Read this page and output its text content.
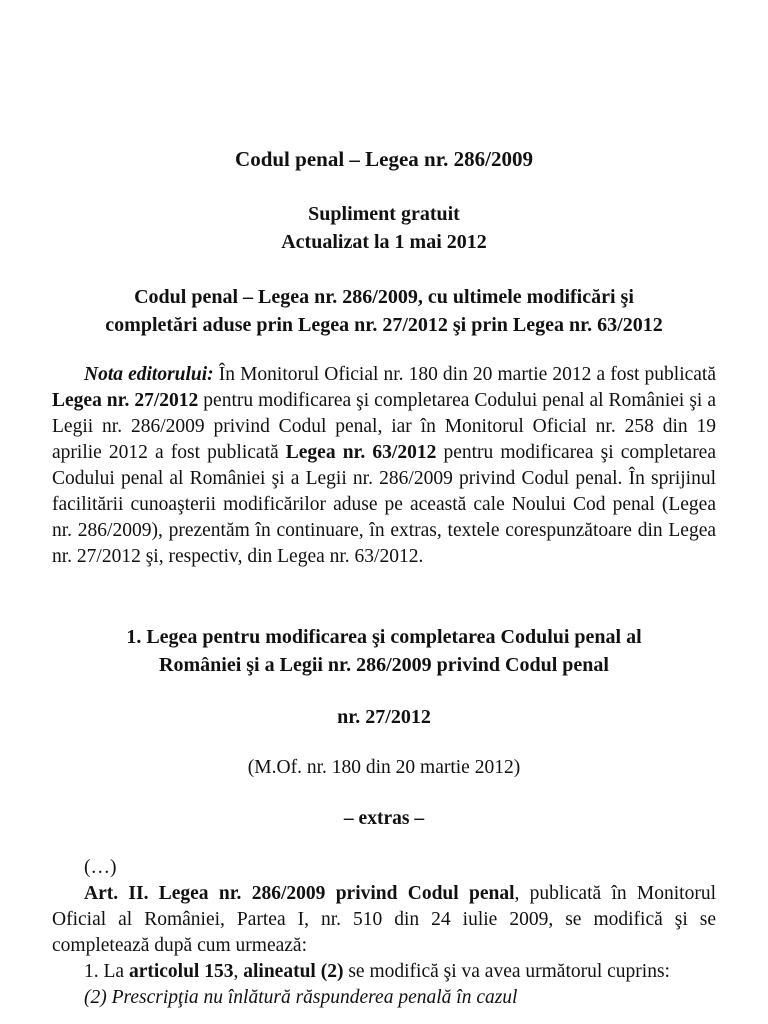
Codul penal – Legea nr. 286/2009
Supliment gratuit
Actualizat la 1 mai 2012
Codul penal – Legea nr. 286/2009, cu ultimele modificări şi
completări aduse prin Legea nr. 27/2012 şi prin Legea nr. 63/2012
Nota editorului: În Monitorul Oficial nr. 180 din 20 martie 2012 a fost publicată Legea nr. 27/2012 pentru modificarea şi completarea Codului penal al României şi a Legii nr. 286/2009 privind Codul penal, iar în Monitorul Oficial nr. 258 din 19 aprilie 2012 a fost publicată Legea nr. 63/2012 pentru modificarea şi completarea Codului penal al României şi a Legii nr. 286/2009 privind Codul penal. În sprijinul facilitării cunoaşterii modificărilor aduse pe această cale Noului Cod penal (Legea nr. 286/2009), prezentăm în continuare, în extras, textele corespunzătoare din Legea nr. 27/2012 şi, respectiv, din Legea nr. 63/2012.
1. Legea pentru modificarea şi completarea Codului penal al
României şi a Legii nr. 286/2009 privind Codul penal
nr. 27/2012
(M.Of. nr. 180 din 20 martie 2012)
– extras –

(…)

Art. II. Legea nr. 286/2009 privind Codul penal, publicată în Monitorul Oficial al României, Partea I, nr. 510 din 24 iulie 2009, se modifică şi se completează după cum urmează:

1. La articolul 153, alineatul (2) se modifică şi va avea următorul cuprins:

(2) Prescripţia nu înlătură răspunderea penală în cazul
